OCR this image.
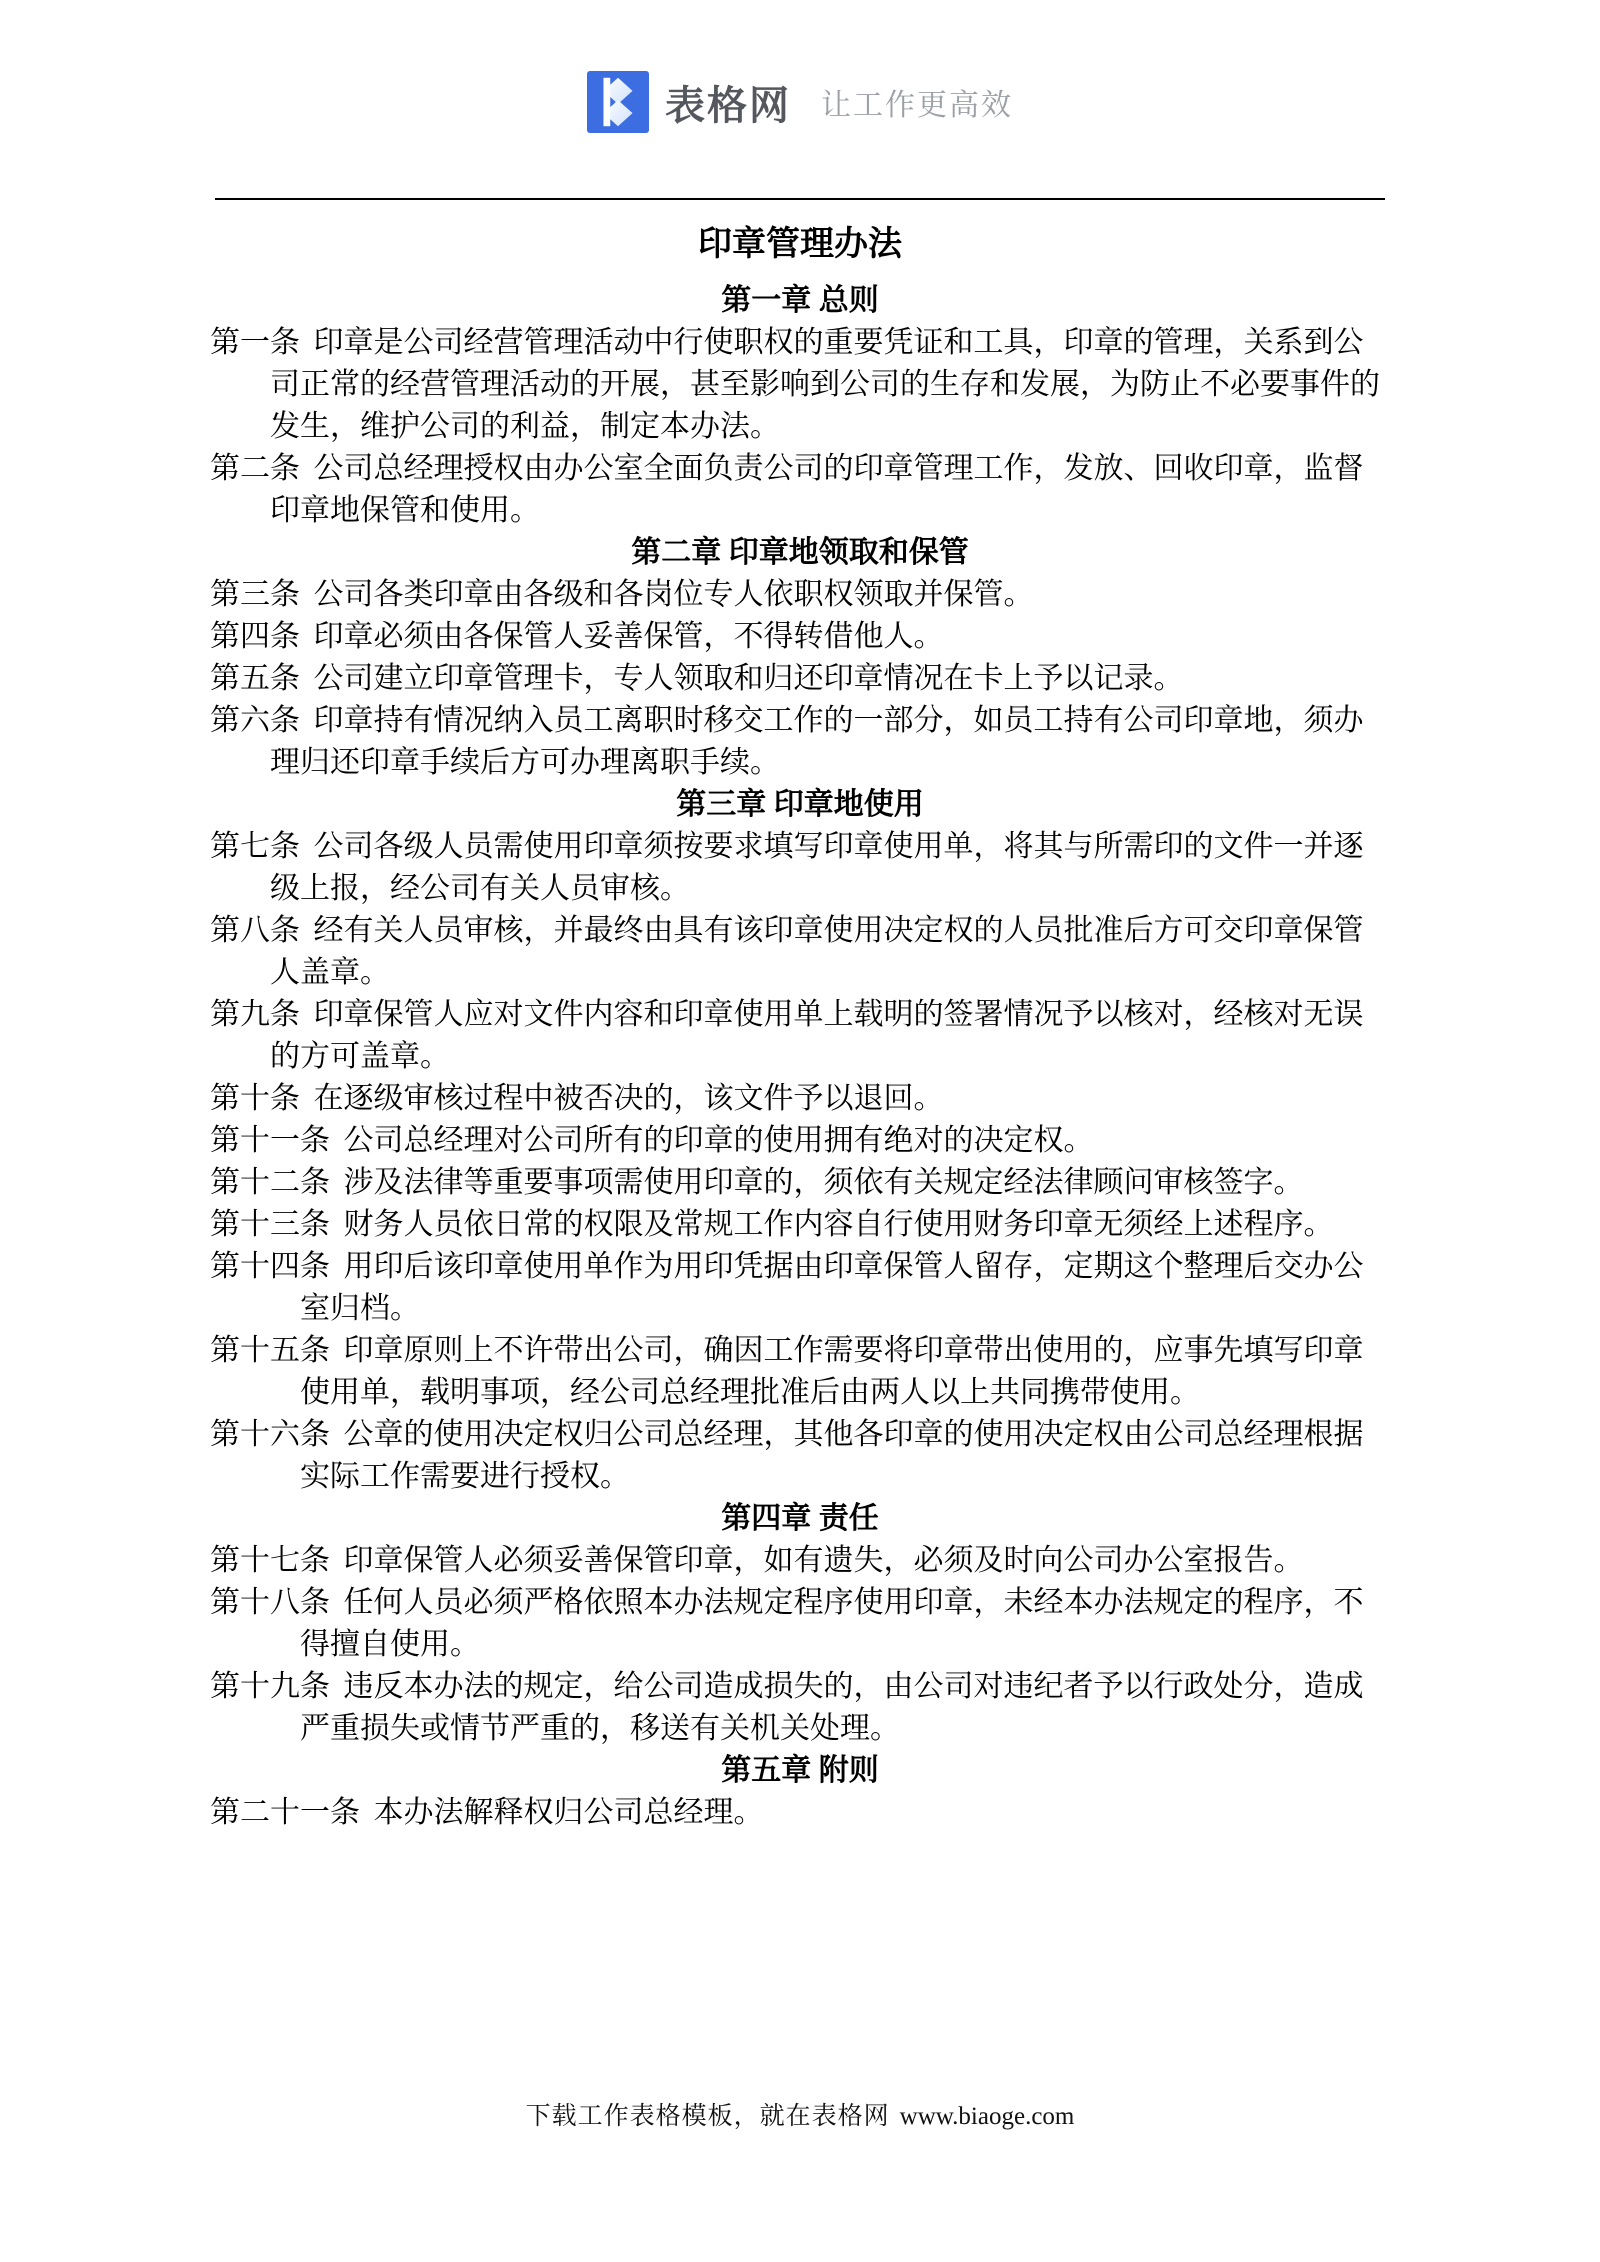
表格网 让工作更高效
印章管理办法
第一章 总则

第一条 印章是公司经营管理活动中行使职权的重要凭证和工具，印章的管理，关系到公司正常的经营管理活动的开展，甚至影响到公司的生存和发展，为防止不必要事件的发生，维护公司的利益，制定本办法。

第二条 公司总经理授权由办公室全面负责公司的印章管理工作，发放、回收印章，监督印章地保管和使用。

第二章 印章地领取和保管

第三条 公司各类印章由各级和各岗位专人依职权领取并保管。

第四条 印章必须由各保管人妥善保管，不得转借他人。

第五条 公司建立印章管理卡，专人领取和归还印章情况在卡上予以记录。

第六条 印章持有情况纳入员工离职时移交工作的一部分，如员工持有公司印章地，须办理归还印章手续后方可办理离职手续。

第三章 印章地使用

第七条 公司各级人员需使用印章须按要求填写印章使用单，将其与所需印的文件一并逐级上报，经公司有关人员审核。

第八条 经有关人员审核，并最终由具有该印章使用决定权的人员批准后方可交印章保管人盖章。

第九条 印章保管人应对文件内容和印章使用单上载明的签署情况予以核对，经核对无误的方可盖章。

第十条 在逐级审核过程中被否决的，该文件予以退回。

第十一条 公司总经理对公司所有的印章的使用拥有绝对的决定权。

第十二条 涉及法律等重要事项需使用印章的，须依有关规定经法律顾问审核签字。

第十三条 财务人员依日常的权限及常规工作内容自行使用财务印章无须经上述程序。

第十四条 用印后该印章使用单作为用印凭据由印章保管人留存，定期这个整理后交办公室归档。

第十五条 印章原则上不许带出公司，确因工作需要将印章带出使用的，应事先填写印章使用单，载明事项，经公司总经理批准后由两人以上共同携带使用。

第十六条 公章的使用决定权归公司总经理，其他各印章的使用决定权由公司总经理根据实际工作需要进行授权。

第四章 责任

第十七条 印章保管人必须妥善保管印章，如有遗失，必须及时向公司办公室报告。

第十八条 任何人员必须严格依照本办法规定程序使用印章，未经本办法规定的程序，不得擅自使用。

第十九条 违反本办法的规定，给公司造成损失的，由公司对违纪者予以行政处分，造成严重损失或情节严重的，移送有关机关处理。

第五章 附则

第二十一条 本办法解释权归公司总经理。

下载工作表格模板，就在表格网 www.biaoge.com
